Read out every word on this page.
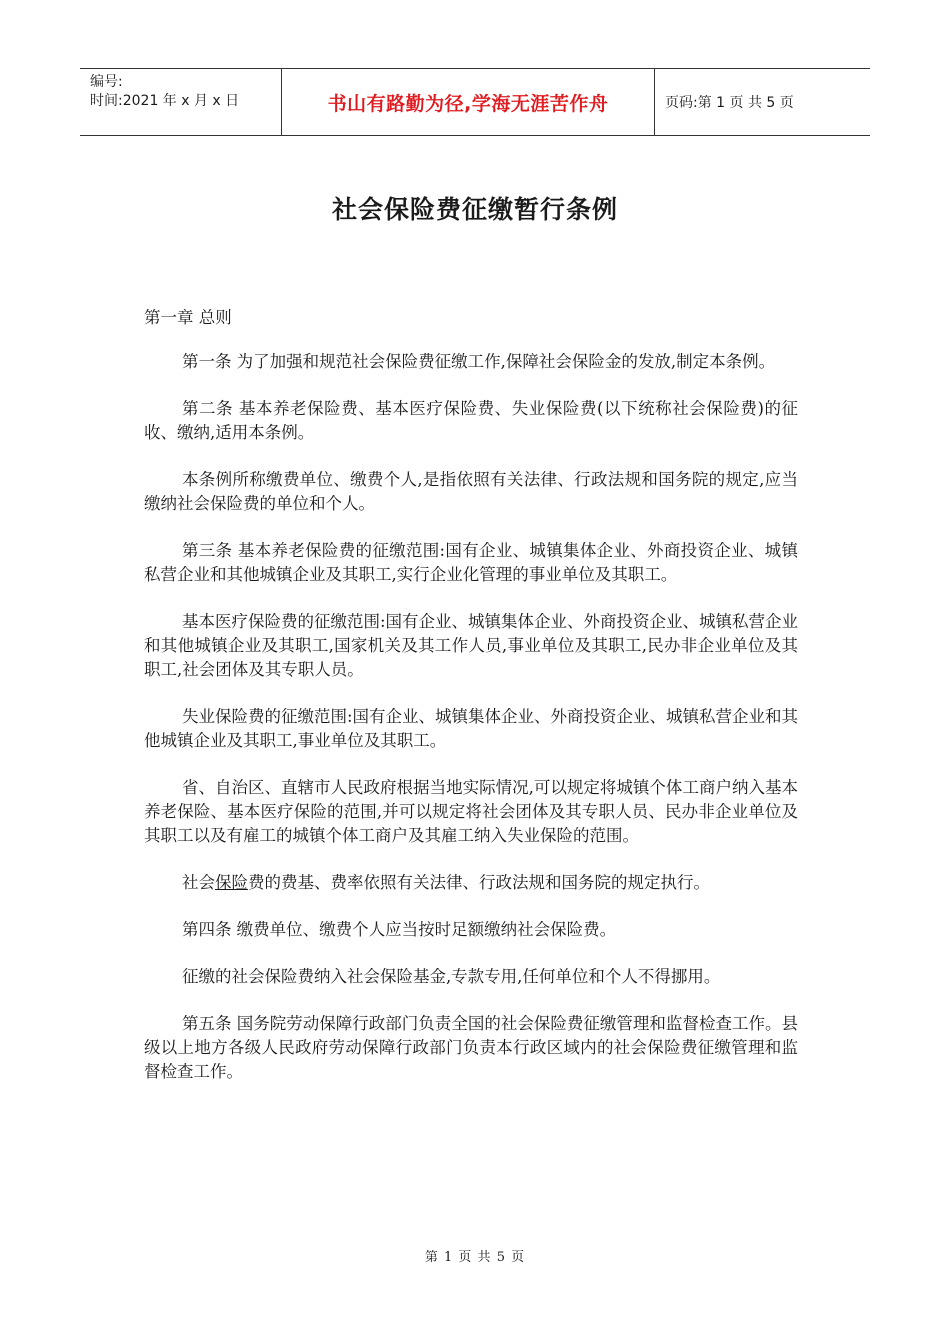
编号:
时间:2021 年 x 月 x 日	书山有路勤为径,学海无涯苦作舟	页码:第 1 页 共 5 页
社会保险费征缴暂行条例
第一章 总则

第一条 为了加强和规范社会保险费征缴工作,保障社会保险金的发放,制定本条例。

第二条 基本养老保险费、基本医疗保险费、失业保险费(以下统称社会保险费)的征收、缴纳,适用本条例。

本条例所称缴费单位、缴费个人,是指依照有关法律、行政法规和国务院的规定,应当缴纳社会保险费的单位和个人。

第三条 基本养老保险费的征缴范围:国有企业、城镇集体企业、外商投资企业、城镇私营企业和其他城镇企业及其职工,实行企业化管理的事业单位及其职工。

基本医疗保险费的征缴范围:国有企业、城镇集体企业、外商投资企业、城镇私营企业和其他城镇企业及其职工,国家机关及其工作人员,事业单位及其职工,民办非企业单位及其职工,社会团体及其专职人员。

失业保险费的征缴范围:国有企业、城镇集体企业、外商投资企业、城镇私营企业和其他城镇企业及其职工,事业单位及其职工。

省、自治区、直辖市人民政府根据当地实际情况,可以规定将城镇个体工商户纳入基本养老保险、基本医疗保险的范围,并可以规定将社会团体及其专职人员、民办非企业单位及其职工以及有雇工的城镇个体工商户及其雇工纳入失业保险的范围。

社会保险费的费基、费率依照有关法律、行政法规和国务院的规定执行。

第四条 缴费单位、缴费个人应当按时足额缴纳社会保险费。

征缴的社会保险费纳入社会保险基金,专款专用,任何单位和个人不得挪用。

第五条 国务院劳动保障行政部门负责全国的社会保险费征缴管理和监督检查工作。县级以上地方各级人民政府劳动保障行政部门负责本行政区域内的社会保险费征缴管理和监督检查工作。

第 1 页 共 5 页
